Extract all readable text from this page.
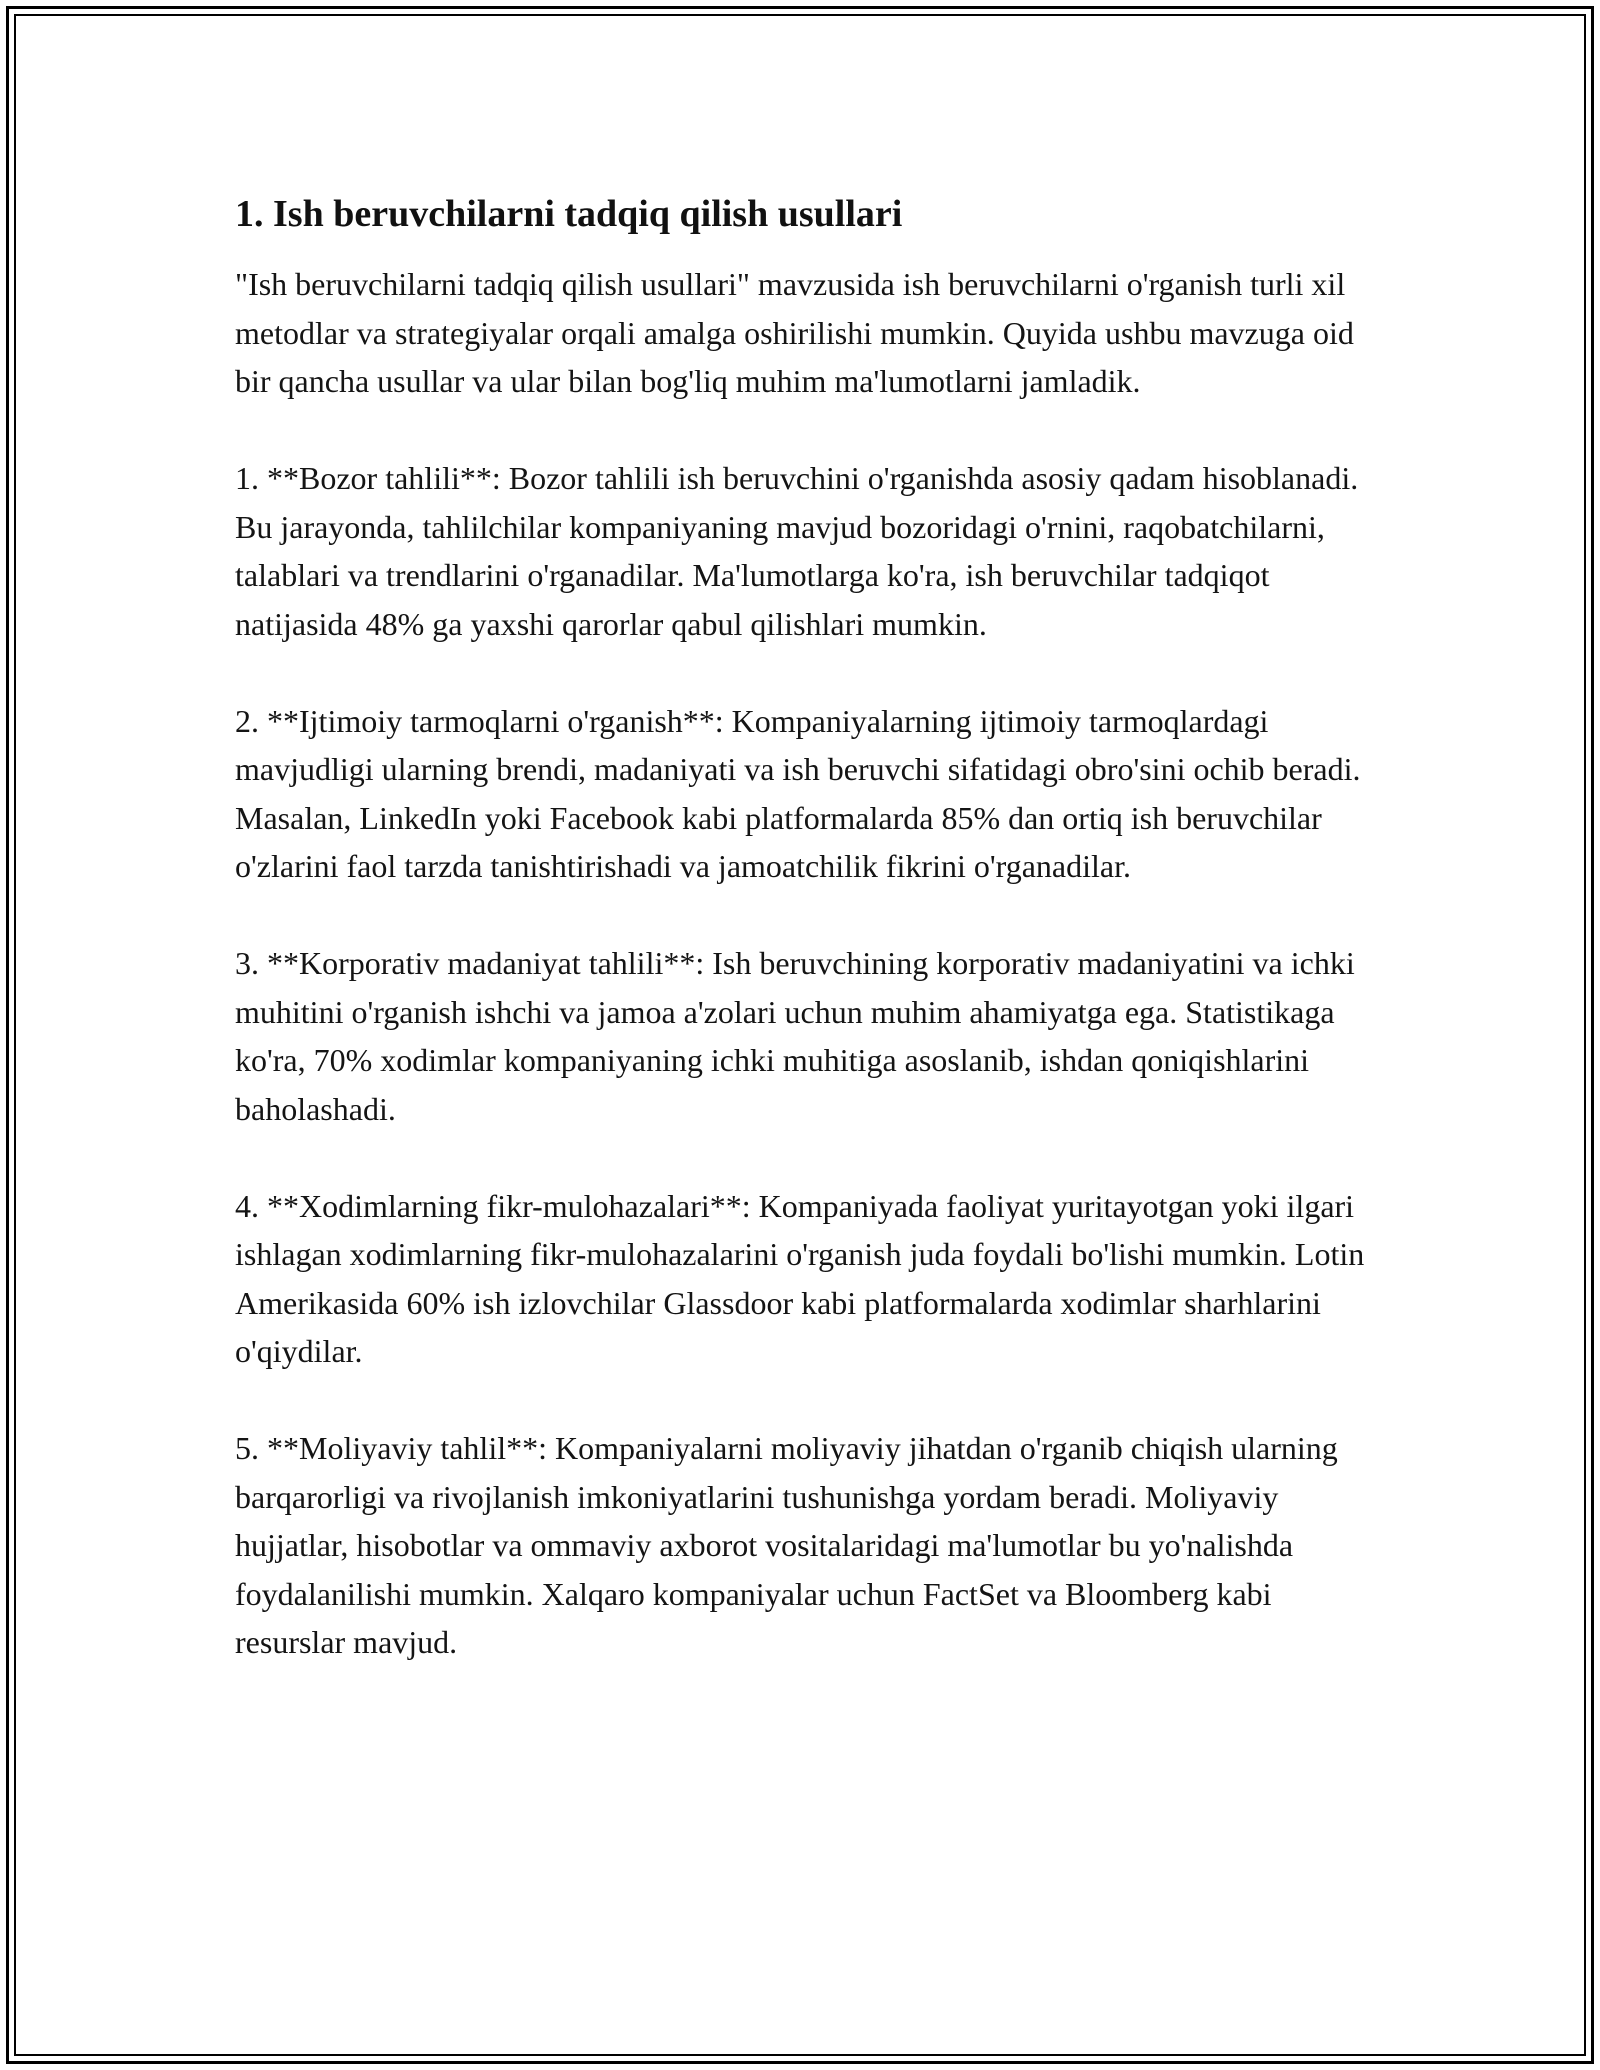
1. Ish beruvchilarni tadqiq qilish usullari

"Ish beruvchilarni tadqiq qilish usullari" mavzusida ish beruvchilarni o'rganish turli xil metodlar va strategiyalar orqali amalga oshirilishi mumkin. Quyida ushbu mavzuga oid bir qancha usullar va ular bilan bog'liq muhim ma'lumotlarni jamladik.

1. **Bozor tahlili**: Bozor tahlili ish beruvchini o'rganishda asosiy qadam hisoblanadi. Bu jarayonda, tahlilchilar kompaniyaning mavjud bozoridagi o'rnini, raqobatchilarni, talablari va trendlarini o'rganadilar. Ma'lumotlarga ko'ra, ish beruvchilar tadqiqot natijasida 48% ga yaxshi qarorlar qabul qilishlari mumkin.

2. **Ijtimoiy tarmoqlarni o'rganish**: Kompaniyalarning ijtimoiy tarmoqlardagi mavjudligi ularning brendi, madaniyati va ish beruvchi sifatidagi obro'sini ochib beradi. Masalan, LinkedIn yoki Facebook kabi platformalarda 85% dan ortiq ish beruvchilar o'zlarini faol tarzda tanishtirishadi va jamoatchilik fikrini o'rganadilar.

3. **Korporativ madaniyat tahlili**: Ish beruvchining korporativ madaniyatini va ichki muhitini o'rganish ishchi va jamoa a'zolari uchun muhim ahamiyatga ega. Statistikaga ko'ra, 70% xodimlar kompaniyaning ichki muhitiga asoslanib, ishdan qoniqishlarini baholashadi.

4. **Xodimlarning fikr-mulohazalari**: Kompaniyada faoliyat yuritayotgan yoki ilgari ishlagan xodimlarning fikr-mulohazalarini o'rganish juda foydali bo'lishi mumkin. Lotin Amerikasida 60% ish izlovchilar Glassdoor kabi platformalarda xodimlar sharhlarini o'qiydilar.

5. **Moliyaviy tahlil**: Kompaniyalarni moliyaviy jihatdan o'rganib chiqish ularning barqarorligi va rivojlanish imkoniyatlarini tushunishga yordam beradi. Moliyaviy hujjatlar, hisobotlar va ommaviy axborot vositalaridagi ma'lumotlar bu yo'nalishda foydalanilishi mumkin. Xalqaro kompaniyalar uchun FactSet va Bloomberg kabi resurslar mavjud.
